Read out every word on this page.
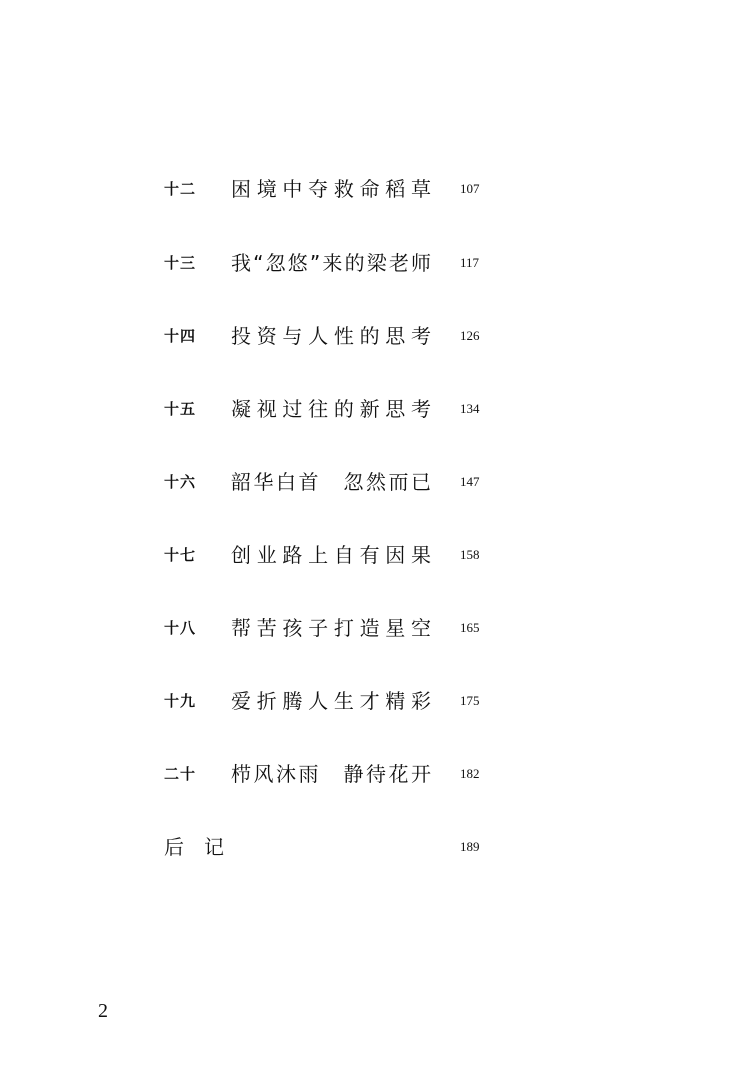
十二 困境中夺救命稻草 107
十三 我“忽悠”来的梁老师 117
十四 投资与人性的思考 126
十五 凝视过往的新思考 134
十六 韶华白首　忽然而已 147
十七 创业路上自有因果 158
十八 帮苦孩子打造星空 165
十九 爱折腾人生才精彩 175
二十 栉风沐雨　静待花开 182
后　记	189
2
